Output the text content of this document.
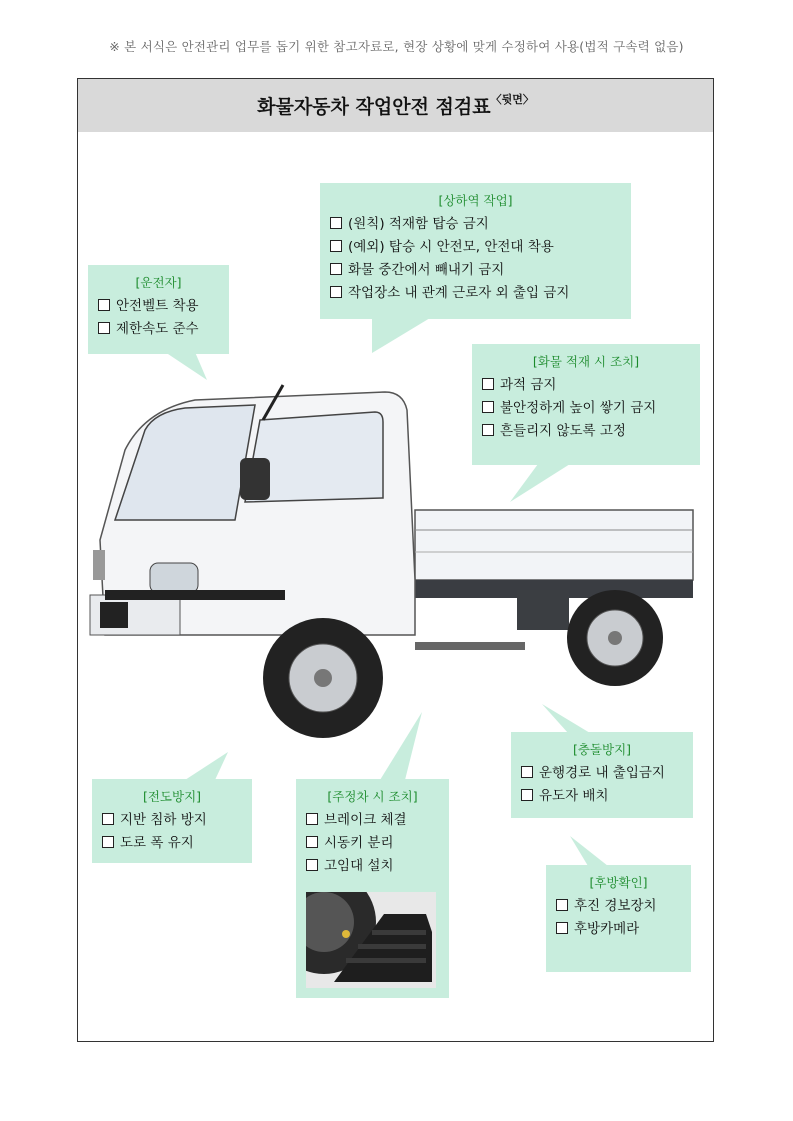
※ 본 서식은 안전관리 업무를 돕기 위한 참고자료로, 현장 상황에 맞게 수정하여 사용(법적 구속력 없음)
화물자동차 작업안전 점검표$^{〈뒷면〉}$
[상하역 작업]
(원칙) 적재함 탑승 금지
(예외) 탑승 시 안전모, 안전대 착용
화물 중간에서 빼내기 금지
작업장소 내 관계 근로자 외 출입 금지
[운전자]
안전벨트 착용
제한속도 준수
[화물 적재 시 조치]
과적 금지
불안정하게 높이 쌓기 금지
흔들리지 않도록 고정
[충돌방지]
운행경로 내 출입금지
유도자 배치
[전도방지]
지반 침하 방지
도로 폭 유지
[주정차 시 조치]
브레이크 체결
시동키 분리
고임대 설치
[후방확인]
후진 경보장치
후방카메라
